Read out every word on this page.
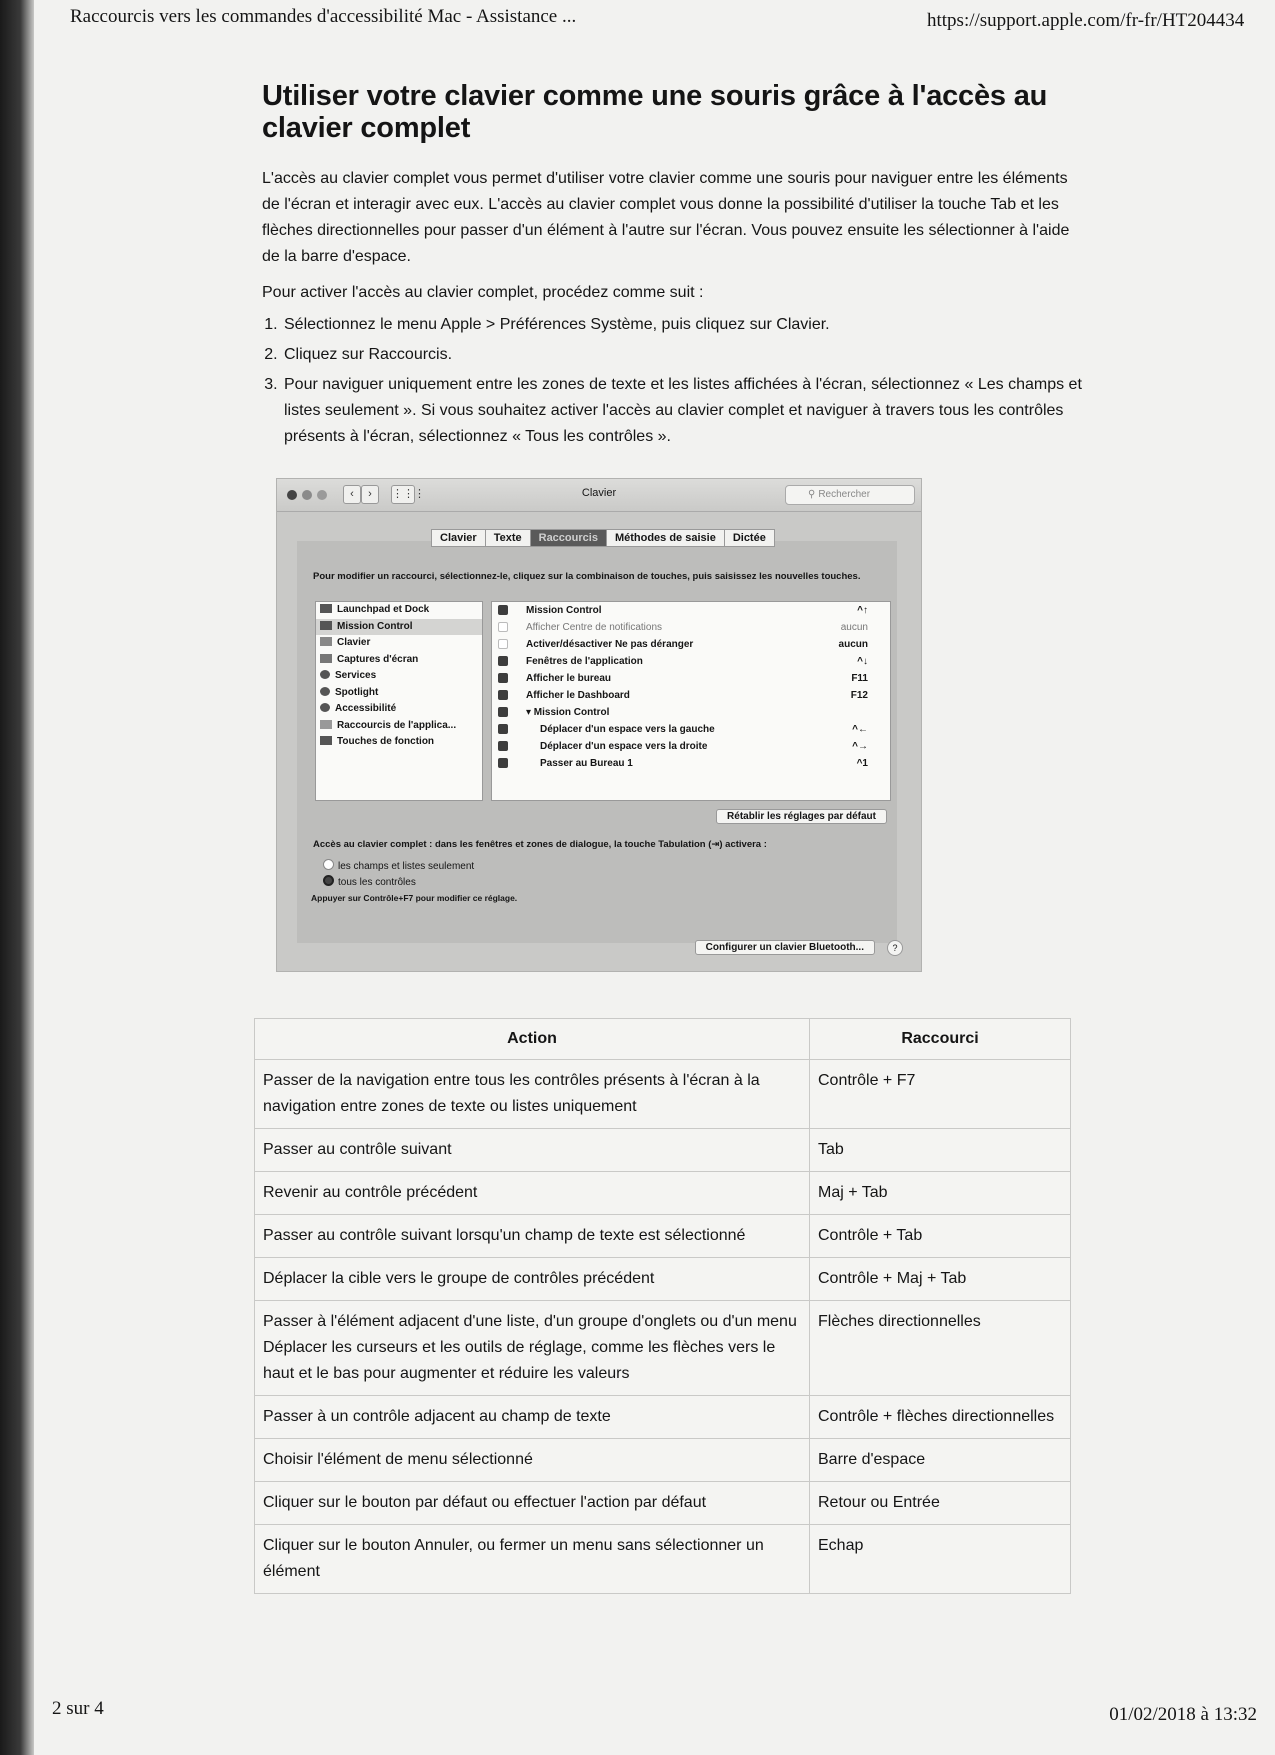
Raccourcis vers les commandes d'accessibilité Mac - Assistance ...	https://support.apple.com/fr-fr/HT204434
Utiliser votre clavier comme une souris grâce à l'accès au clavier complet

L'accès au clavier complet vous permet d'utiliser votre clavier comme une souris pour naviguer entre les éléments de l'écran et interagir avec eux. L'accès au clavier complet vous donne la possibilité d'utiliser la touche Tab et les flèches directionnelles pour passer d'un élément à l'autre sur l'écran. Vous pouvez ensuite les sélectionner à l'aide de la barre d'espace.

Pour activer l'accès au clavier complet, procédez comme suit :

1. Sélectionnez le menu Apple > Préférences Système, puis cliquez sur Clavier.
2. Cliquez sur Raccourcis.
3. Pour naviguer uniquement entre les zones de texte et les listes affichées à l'écran, sélectionnez « Les champs et listes seulement ». Si vous souhaitez activer l'accès au clavier complet et naviguer à travers tous les contrôles présents à l'écran, sélectionnez « Tous les contrôles ».
‹	›	⋮⋮⋮	Clavier	⚲ Rechercher
Clavier	Texte	Raccourcis	Méthodes de saisie	Dictée
Pour modifier un raccourci, sélectionnez-le, cliquez sur la combinaison de touches, puis saisissez les nouvelles touches.
Launchpad et Dock
Mission Control
Clavier
Captures d'écran
Services
Spotlight
Accessibilité
Raccourcis de l'applica...
Touches de fonction
Mission Control	^↑
Afficher Centre de notifications	aucun
Activer/désactiver Ne pas déranger	aucun
Fenêtres de l'application	^↓
Afficher le bureau	F11
Afficher le Dashboard	F12
▾ Mission Control
Déplacer d'un espace vers la gauche	^←
Déplacer d'un espace vers la droite	^→
Passer au Bureau 1	^1
Rétablir les réglages par défaut
Accès au clavier complet : dans les fenêtres et zones de dialogue, la touche Tabulation (⇥) activera :
les champs et listes seulement
tous les contrôles
Appuyer sur Contrôle+F7 pour modifier ce réglage.
Configurer un clavier Bluetooth...	?
Action	Raccourci

Passer de la navigation entre tous les contrôles présents à l'écran à la navigation entre zones de texte ou listes uniquement	Contrôle + F7

Passer au contrôle suivant	Tab

Revenir au contrôle précédent	Maj + Tab

Passer au contrôle suivant lorsqu'un champ de texte est sélectionné	Contrôle + Tab

Déplacer la cible vers le groupe de contrôles précédent	Contrôle + Maj + Tab

Passer à l'élément adjacent d'une liste, d'un groupe d'onglets ou d'un menu
Déplacer les curseurs et les outils de réglage, comme les flèches vers le haut et le bas pour augmenter et réduire les valeurs	Flèches directionnelles

Passer à un contrôle adjacent au champ de texte	Contrôle + flèches directionnelles

Choisir l'élément de menu sélectionné	Barre d'espace

Cliquer sur le bouton par défaut ou effectuer l'action par défaut	Retour ou Entrée

Cliquer sur le bouton Annuler, ou fermer un menu sans sélectionner un élément	Echap
2 sur 4	01/02/2018 à 13:32
